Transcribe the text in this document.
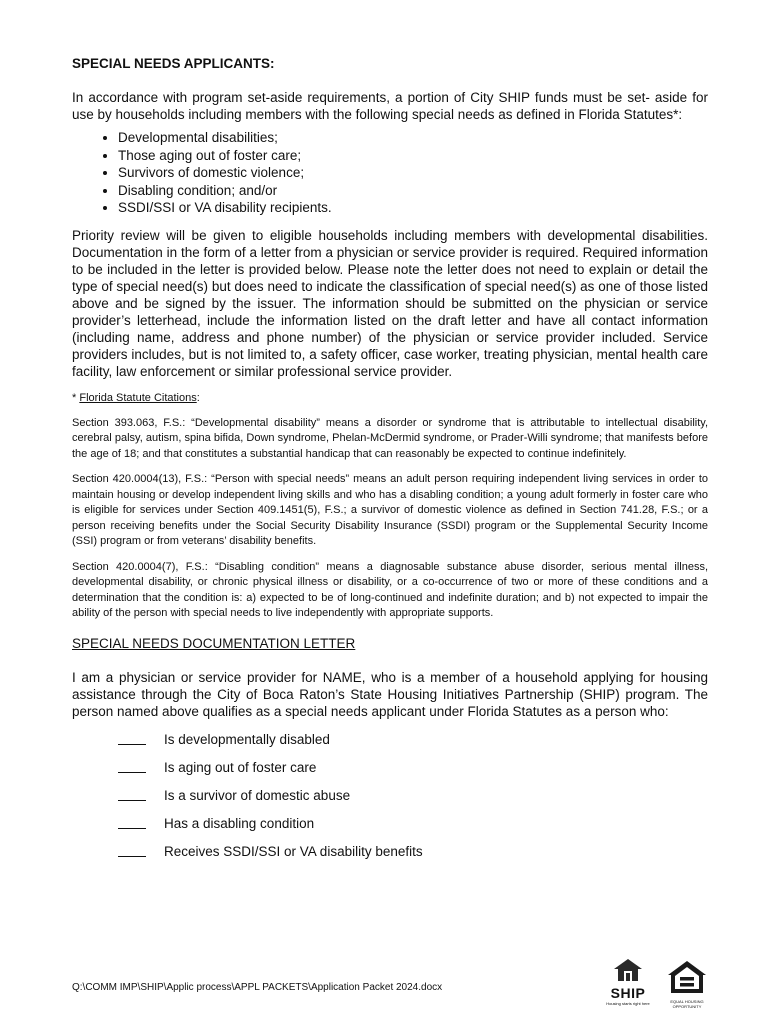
SPECIAL NEEDS APPLICANTS:

In accordance with program set-aside requirements, a portion of City SHIP funds must be set- aside for use by households including members with the following special needs as defined in Florida Statutes*:

• Developmental disabilities;
• Those aging out of foster care;
• Survivors of domestic violence;
• Disabling condition; and/or
• SSDI/SSI or VA disability recipients.

Priority review will be given to eligible households including members with developmental disabilities. Documentation in the form of a letter from a physician or service provider is required. Required information to be included in the letter is provided below. Please note the letter does not need to explain or detail the type of special need(s) but does need to indicate the classification of special need(s) as one of those listed above and be signed by the issuer. The information should be submitted on the physician or service provider’s letterhead, include the information listed on the draft letter and have all contact information (including name, address and phone number) of the physician or service provider included. Service providers includes, but is not limited to, a safety officer, case worker, treating physician, mental health care facility, law enforcement or similar professional service provider.

* Florida Statute Citations:

Section 393.063, F.S.: “Developmental disability” means a disorder or syndrome that is attributable to intellectual disability, cerebral palsy, autism, spina bifida, Down syndrome, Phelan-McDermid syndrome, or Prader-Willi syndrome; that manifests before the age of 18; and that constitutes a substantial handicap that can reasonably be expected to continue indefinitely.

Section 420.0004(13), F.S.: “Person with special needs” means an adult person requiring independent living services in order to maintain housing or develop independent living skills and who has a disabling condition; a young adult formerly in foster care who is eligible for services under Section 409.1451(5), F.S.; a survivor of domestic violence as defined in Section 741.28, F.S.; or a person receiving benefits under the Social Security Disability Insurance (SSDI) program or the Supplemental Security Income (SSI) program or from veterans’ disability benefits.

Section 420.0004(7), F.S.: “Disabling condition” means a diagnosable substance abuse disorder, serious mental illness, developmental disability, or chronic physical illness or disability, or a co-occurrence of two or more of these conditions and a determination that the condition is: a) expected to be of long-continued and indefinite duration; and b) not expected to impair the ability of the person with special needs to live independently with appropriate supports.

SPECIAL NEEDS DOCUMENTATION LETTER

I am a physician or service provider for NAME, who is a member of a household applying for housing assistance through the City of Boca Raton’s State Housing Initiatives Partnership (SHIP) program. The person named above qualifies as a special needs applicant under Florida Statutes as a person who:

Is developmentally disabled
Is aging out of foster care
Is a survivor of domestic abuse
Has a disabling condition
Receives SSDI/SSI or VA disability benefits
Q:\COMM IMP\SHIP\Applic process\APPL PACKETS\Application Packet 2024.docx	SHIP
Housing starts right here	EQUAL HOUSING OPPORTUNITY
